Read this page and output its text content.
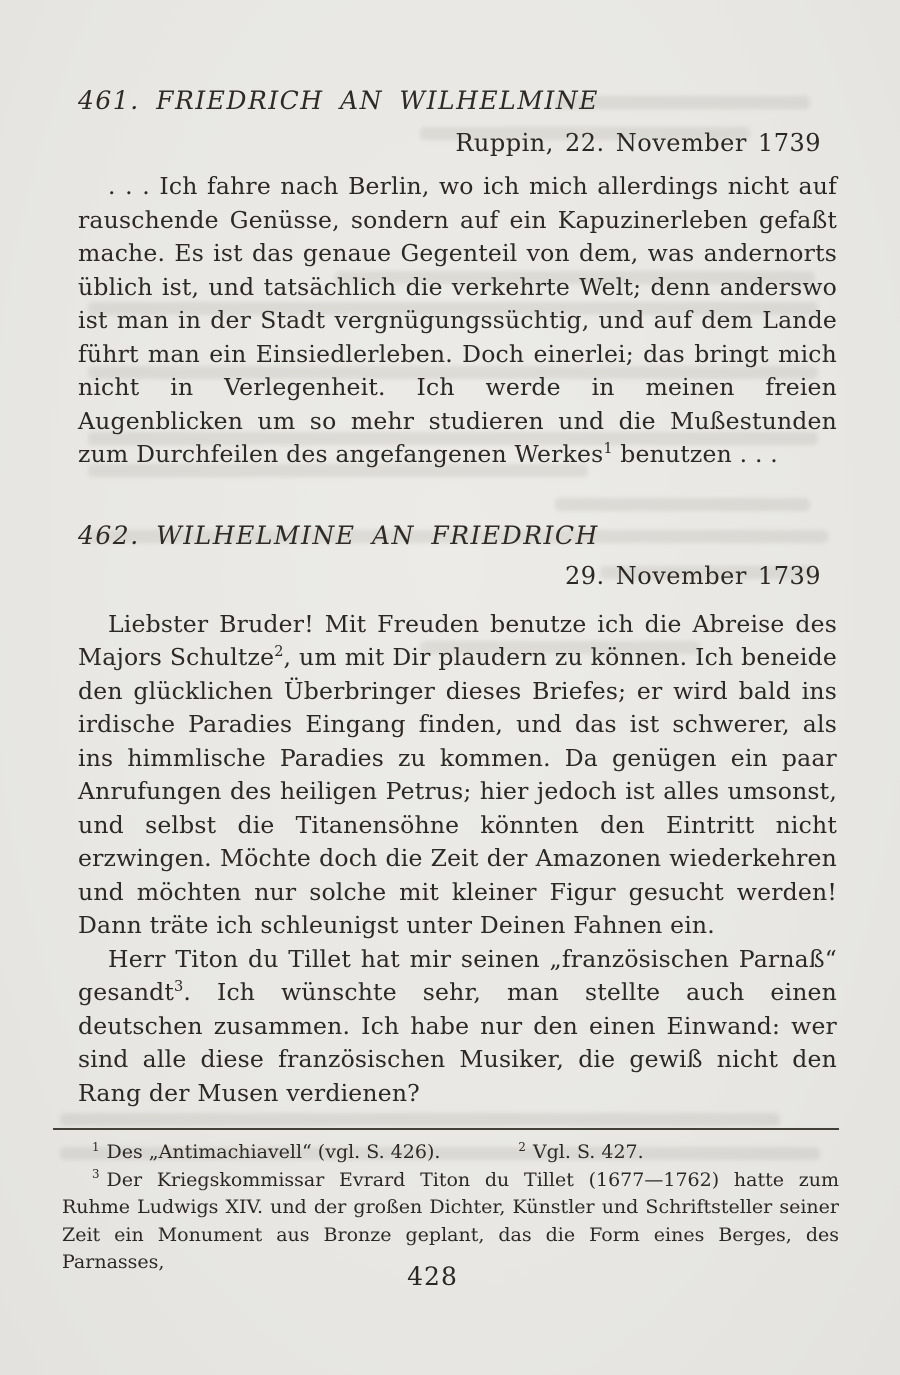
461. FRIEDRICH AN WILHELMINE
Ruppin, 22. November 1739

. . . Ich fahre nach Berlin, wo ich mich allerdings nicht auf rauschende Genüsse, sondern auf ein Kapuzinerleben gefaßt mache. Es ist das genaue Gegenteil von dem, was andernorts üblich ist, und tatsächlich die verkehrte Welt; denn anderswo ist man in der Stadt vergnügungssüchtig, und auf dem Lande führt man ein Einsiedlerleben. Doch einerlei; das bringt mich nicht in Verlegenheit. Ich werde in meinen freien Augenblicken um so mehr studieren und die Mußestunden zum Durchfeilen des angefangenen Werkes$^1$ benutzen . . .

462. WILHELMINE AN FRIEDRICH
29. November 1739

Liebster Bruder! Mit Freuden benutze ich die Abreise des Majors Schultze$^2$, um mit Dir plaudern zu können. Ich beneide den glücklichen Überbringer dieses Briefes; er wird bald ins irdische Paradies Eingang finden, und das ist schwerer, als ins himmlische Paradies zu kommen. Da genügen ein paar Anrufungen des heiligen Petrus; hier jedoch ist alles umsonst, und selbst die Titanensöhne könnten den Eintritt nicht erzwingen. Möchte doch die Zeit der Amazonen wiederkehren und möchten nur solche mit kleiner Figur gesucht werden! Dann träte ich schleunigst unter Deinen Fahnen ein.

Herr Titon du Tillet hat mir seinen „französischen Parnaß“ gesandt$^3$. Ich wünschte sehr, man stellte auch einen deutschen zusammen. Ich habe nur den einen Einwand: wer sind alle diese französischen Musiker, die gewiß nicht den Rang der Musen verdienen?

$^1$ Des „Antimachiavell“ (vgl. S. 426).	$^2$ Vgl. S. 427.

$^3$ Der Kriegskommissar Evrard Titon du Tillet (1677—1762) hatte zum Ruhme Ludwigs XIV. und der großen Dichter, Künstler und Schriftsteller seiner Zeit ein Monument aus Bronze geplant, das die Form eines Berges, des Parnasses,	428
